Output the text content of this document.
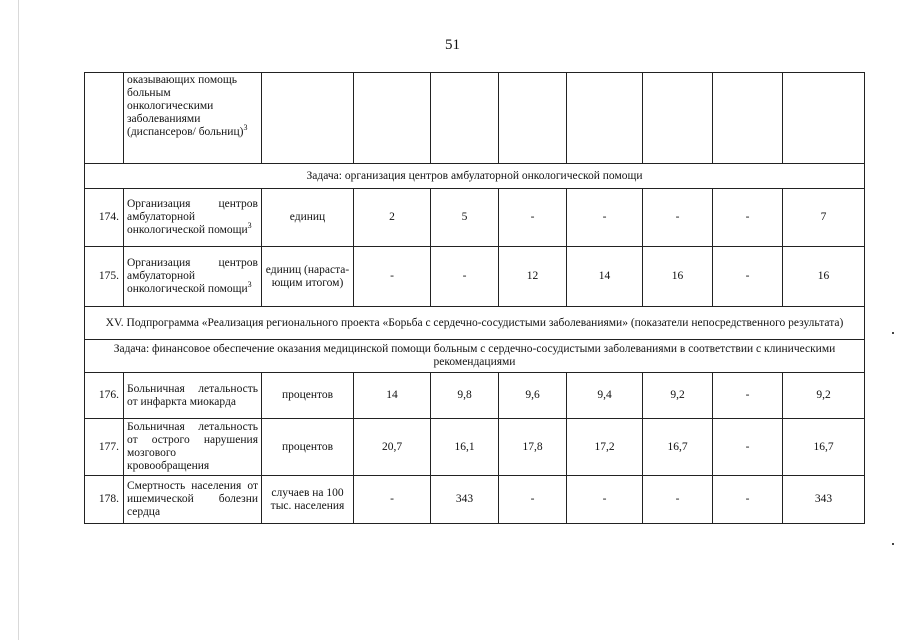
51
	оказывающих помощь больным онкологическими заболеваниями (диспансеров/ больниц)$^3$								
Задача: организация центров амбулаторной онкологической помощи									
174.	Организация центров амбулаторной онкологической помощи$^3$	единиц	2	5	-	-	-	-	7
175.	Организация центров амбулаторной онкологической помощи$^3$	единиц (нараста-ющим итогом)	-	-	12	14	16	-	16
XV. Подпрограмма «Реализация регионального проекта «Борьба с сердечно-сосудистыми заболеваниями» (показатели непосредственного результата)									
Задача: финансовое обеспечение оказания медицинской помощи больным с сердечно-сосудистыми заболеваниями в соответствии с клиническими рекомендациями									
176.	Больничная летальность от инфаркта миокарда	процентов	14	9,8	9,6	9,4	9,2	-	9,2
177.	Больничная летальность от острого нарушения мозгового кровообращения	процентов	20,7	16,1	17,8	17,2	16,7	-	16,7
178.	Смертность населения от ишемической болезни сердца	случаев на 100 тыс. населения	-	343	-	-	-	-	343
